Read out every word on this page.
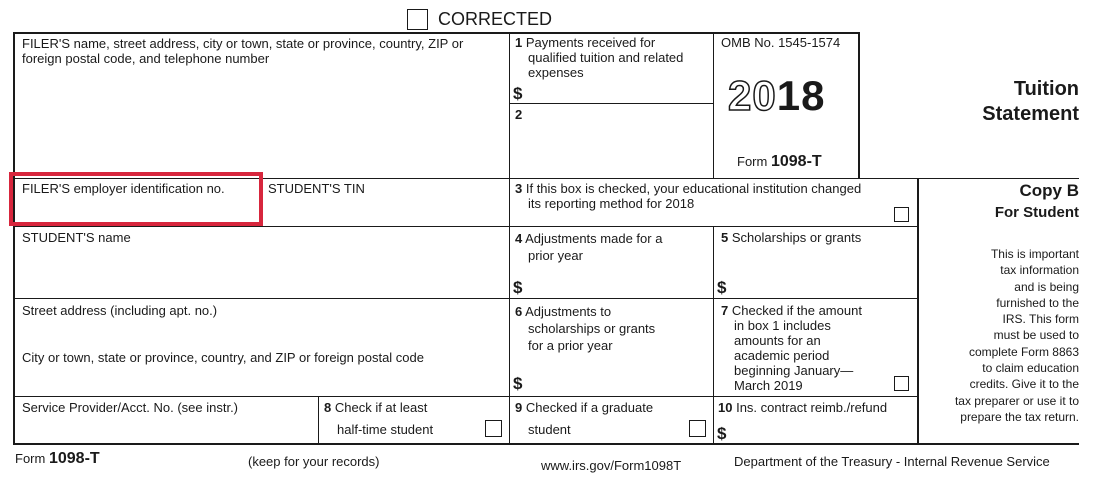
CORRECTED
FILER'S name, street address, city or town, state or province, country, ZIP or
foreign postal code, and telephone number
1 Payments received for
qualified tuition and related
expenses
$
2
OMB No. 1545-1574
2018
Form 1098-T
Tuition
Statement
FILER'S employer identification no.	STUDENT'S TIN	3 If this box is checked, your educational institution changed
its reporting method for 2018
Copy B
For Student
This is important
tax information
and is being
furnished to the
IRS. This form
must be used to
complete Form 8863
to claim education
credits. Give it to the
tax preparer or use it to
prepare the tax return.
STUDENT'S name	4 Adjustments made for a
prior year
$
5 Scholarships or grants
$
Street address (including apt. no.)
City or town, state or province, country, and ZIP or foreign postal code
6 Adjustments to
scholarships or grants
for a prior year
$
7 Checked if the amount
in box 1 includes
amounts for an
academic period
beginning January—
March 2019
Service Provider/Acct. No. (see instr.)	8 Check if at least
half-time student
9 Checked if a graduate
student
10 Ins. contract reimb./refund
$
Form 1098-T	(keep for your records)	www.irs.gov/Form1098T	Department of the Treasury - Internal Revenue Service
